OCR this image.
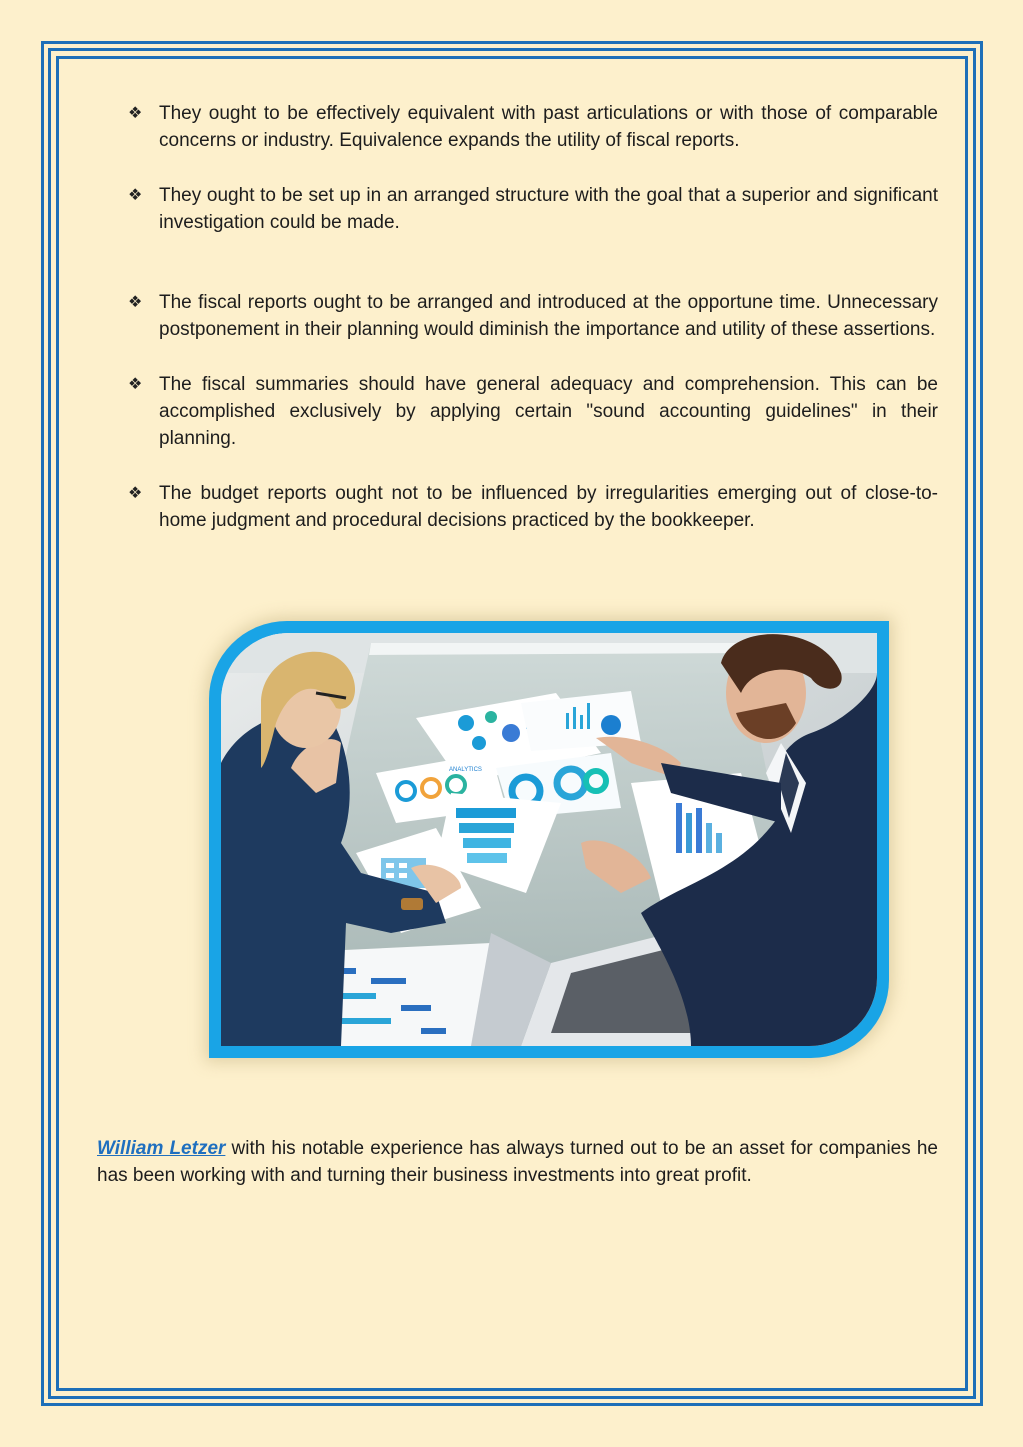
❖ They ought to be effectively equivalent with past articulations or with those of comparable concerns or industry. Equivalence expands the utility of fiscal reports.
❖ They ought to be set up in an arranged structure with the goal that a superior and significant investigation could be made.
❖ The fiscal reports ought to be arranged and introduced at the opportune time. Unnecessary postponement in their planning would diminish the importance and utility of these assertions.
❖ The fiscal summaries should have general adequacy and comprehension. This can be accomplished exclusively by applying certain "sound accounting guidelines" in their planning.
❖ The budget reports ought not to be influenced by irregularities emerging out of close-to-home judgment and procedural decisions practiced by the bookkeeper.
ANALYTICS

William Letzer with his notable experience has always turned out to be an asset for companies he has been working with and turning their business investments into great profit.
